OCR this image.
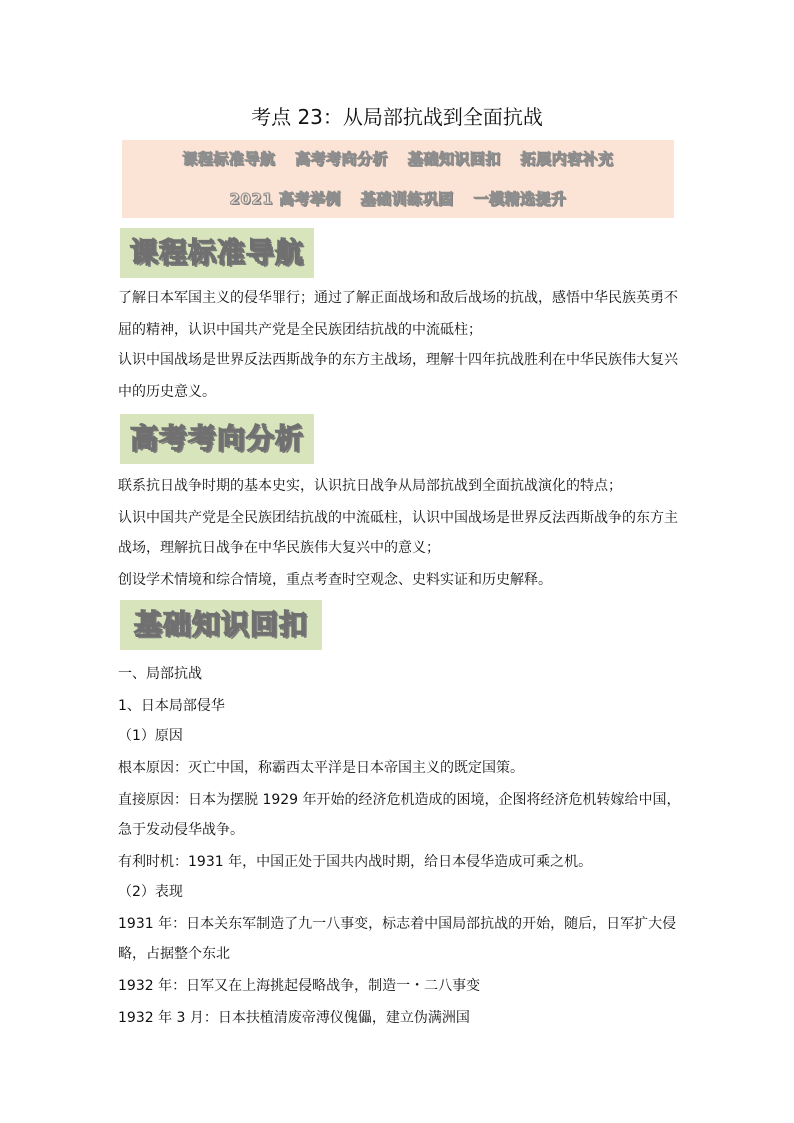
考点 23：从局部抗战到全面抗战
课程标准导航 高考考向分析 基础知识回扣 拓展内容补充
2021 高考举例 基础训练巩固 一模精选提升
课程标准导航
了解日本军国主义的侵华罪行；通过了解正面战场和敌后战场的抗战，感悟中华民族英勇不
屈的精神，认识中国共产党是全民族团结抗战的中流砥柱；
认识中国战场是世界反法西斯战争的东方主战场，理解十四年抗战胜利在中华民族伟大复兴
中的历史意义。
高考考向分析
联系抗日战争时期的基本史实，认识抗日战争从局部抗战到全面抗战演化的特点；
认识中国共产党是全民族团结抗战的中流砥柱，认识中国战场是世界反法西斯战争的东方主
战场，理解抗日战争在中华民族伟大复兴中的意义；
创设学术情境和综合情境，重点考查时空观念、史料实证和历史解释。
基础知识回扣
一、局部抗战
1、日本局部侵华
（1）原因
根本原因：灭亡中国，称霸西太平洋是日本帝国主义的既定国策。
直接原因：日本为摆脱 1929 年开始的经济危机造成的困境，企图将经济危机转嫁给中国，
急于发动侵华战争。
有利时机：1931 年，中国正处于国共内战时期，给日本侵华造成可乘之机。
（2）表现
1931 年：日本关东军制造了九一八事变，标志着中国局部抗战的开始，随后，日军扩大侵
略，占据整个东北
1932 年：日军又在上海挑起侵略战争，制造一・二八事变
1932 年 3 月：日本扶植清废帝溥仪傀儡，建立伪满洲国
